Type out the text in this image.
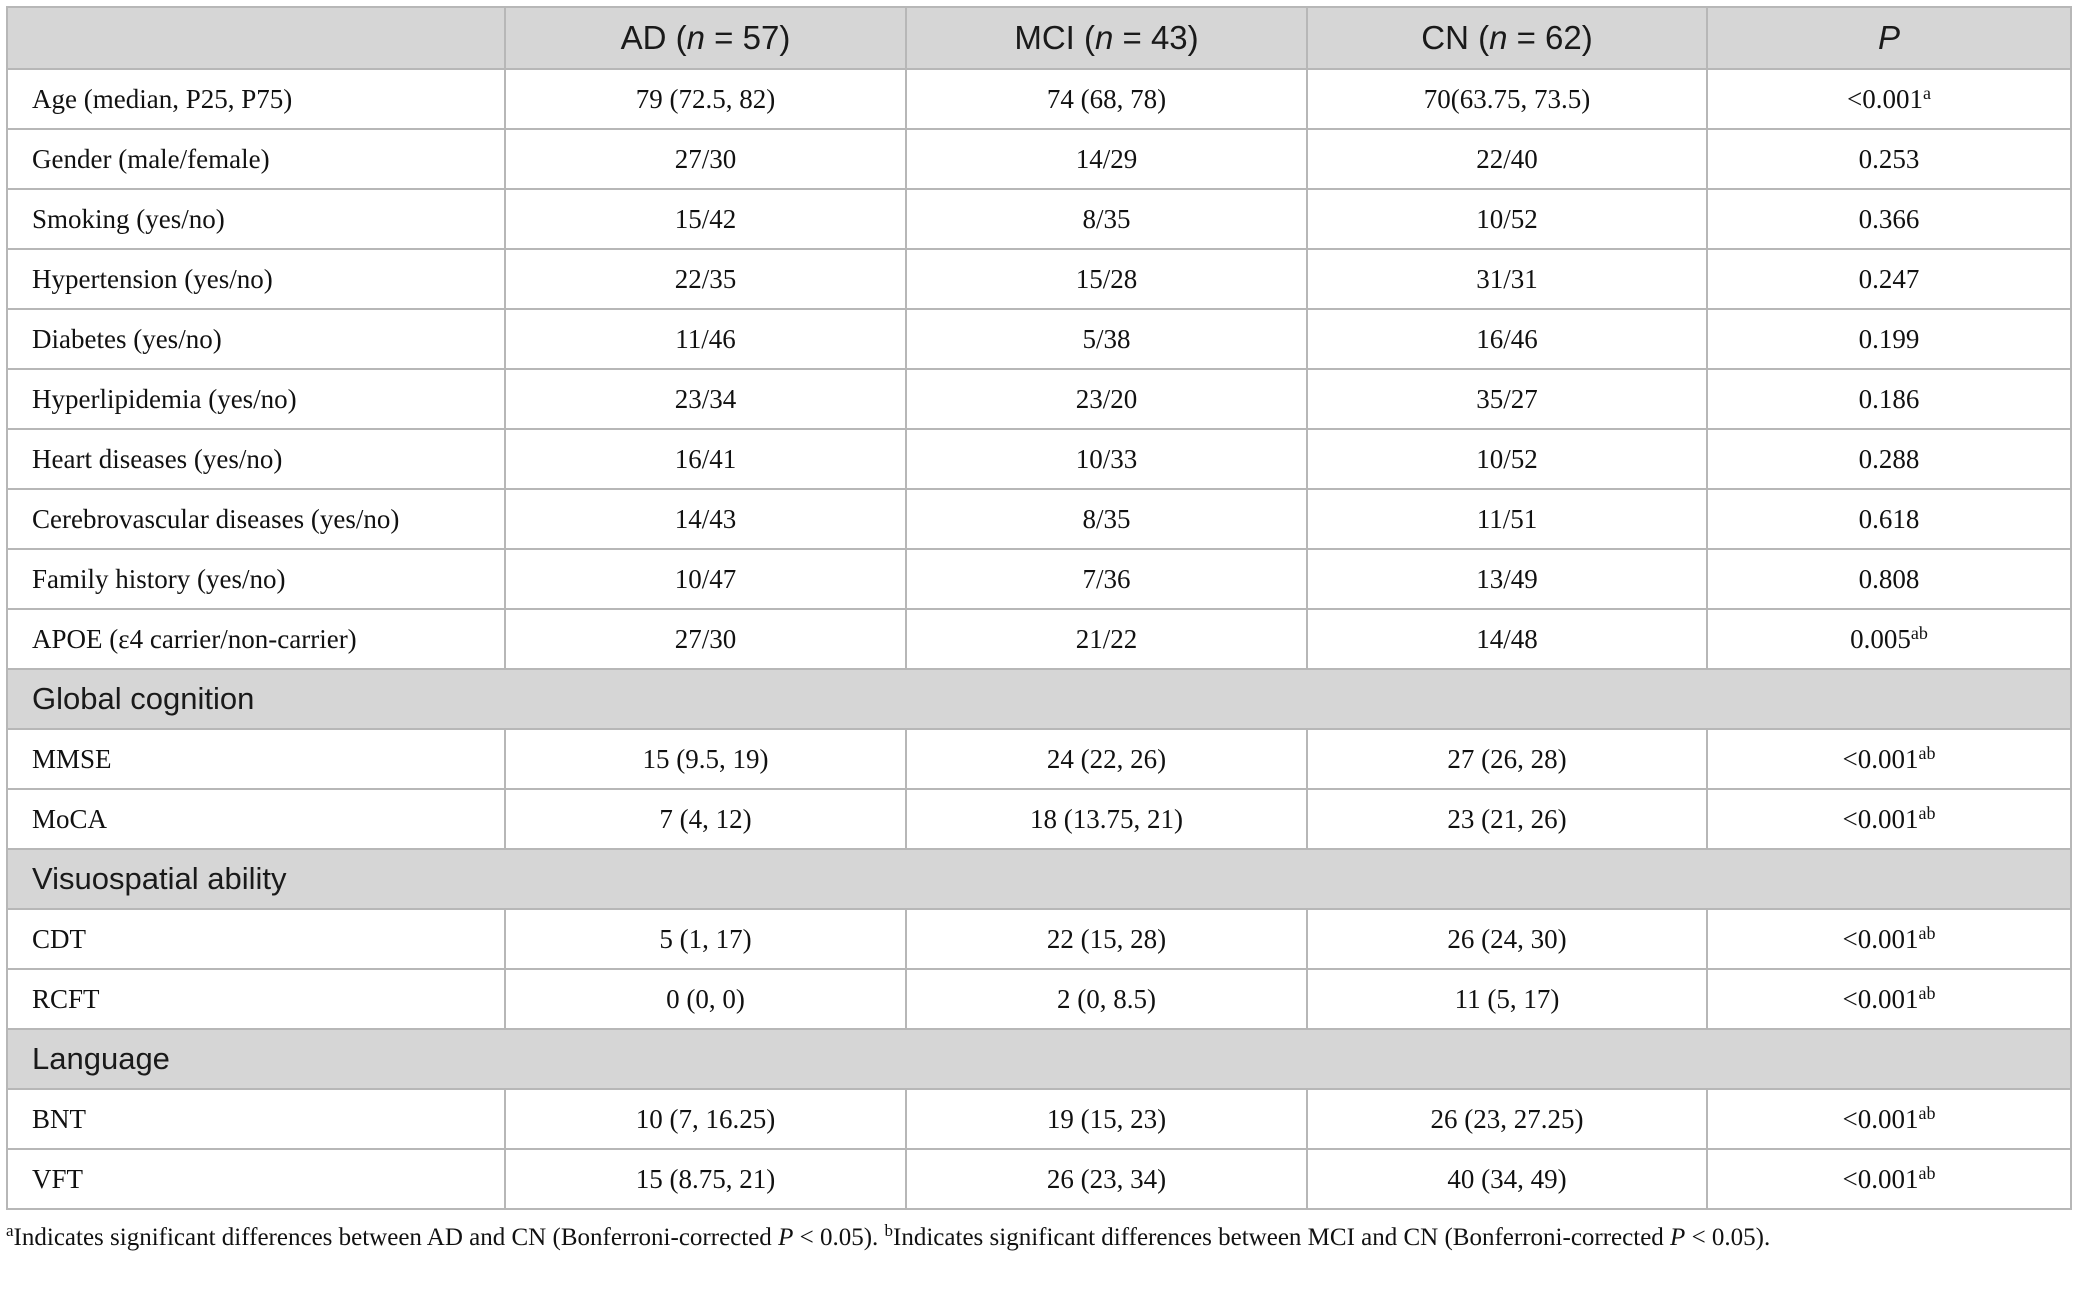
	AD (n = 57)	MCI (n = 43)	CN (n = 62)	P
Age (median, P25, P75)	79 (72.5, 82)	74 (68, 78)	70(63.75, 73.5)	<0.001$^a$
Gender (male/female)	27/30	14/29	22/40	0.253
Smoking (yes/no)	15/42	8/35	10/52	0.366
Hypertension (yes/no)	22/35	15/28	31/31	0.247
Diabetes (yes/no)	11/46	5/38	16/46	0.199
Hyperlipidemia (yes/no)	23/34	23/20	35/27	0.186
Heart diseases (yes/no)	16/41	10/33	10/52	0.288
Cerebrovascular diseases (yes/no)	14/43	8/35	11/51	0.618
Family history (yes/no)	10/47	7/36	13/49	0.808
APOE (ε4 carrier/non-carrier)	27/30	21/22	14/48	0.005$^{ab}$
Global cognition				
MMSE	15 (9.5, 19)	24 (22, 26)	27 (26, 28)	<0.001$^{ab}$
MoCA	7 (4, 12)	18 (13.75, 21)	23 (21, 26)	<0.001$^{ab}$
Visuospatial ability				
CDT	5 (1, 17)	22 (15, 28)	26 (24, 30)	<0.001$^{ab}$
RCFT	0 (0, 0)	2 (0, 8.5)	11 (5, 17)	<0.001$^{ab}$
Language				
BNT	10 (7, 16.25)	19 (15, 23)	26 (23, 27.25)	<0.001$^{ab}$
VFT	15 (8.75, 21)	26 (23, 34)	40 (34, 49)	<0.001$^{ab}$
$^a$Indicates significant differences between AD and CN (Bonferroni-corrected P < 0.05). $^b$Indicates significant differences between MCI and CN (Bonferroni-corrected P < 0.05).
